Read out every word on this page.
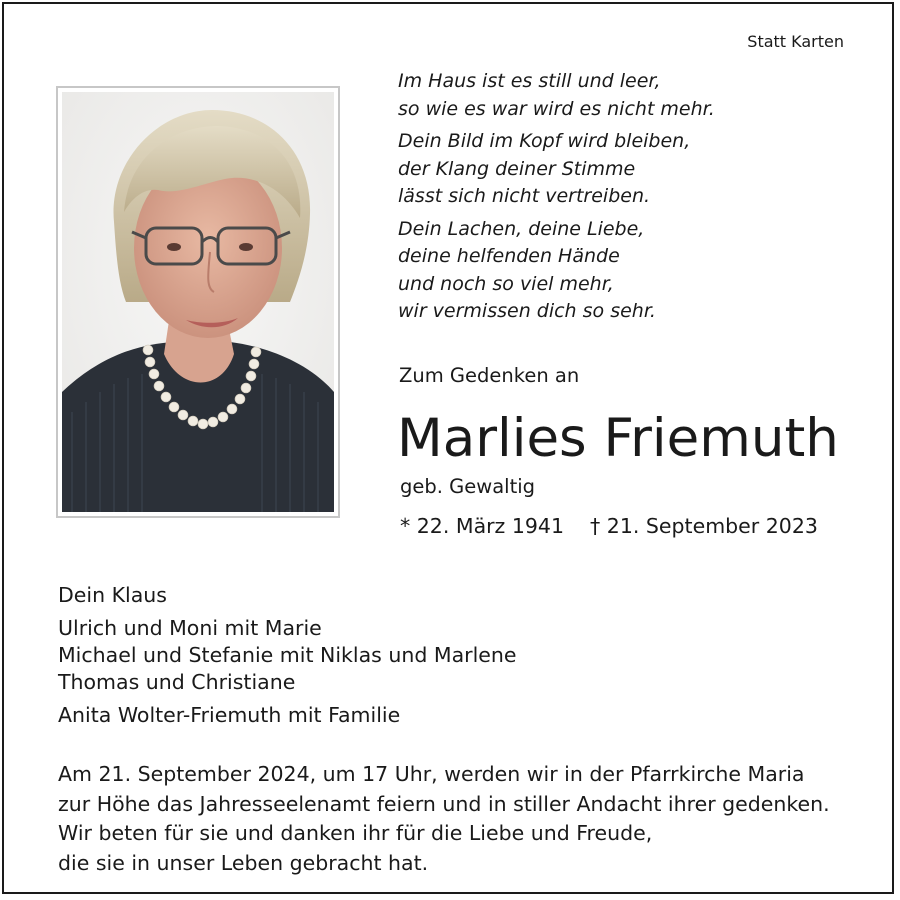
Statt Karten
Im Haus ist es still und leer,
so wie es war wird es nicht mehr.
Dein Bild im Kopf wird bleiben,
der Klang deiner Stimme
lässt sich nicht vertreiben.
Dein Lachen, deine Liebe,
deine helfenden Hände
und noch so viel mehr,
wir vermissen dich so sehr.
Zum Gedenken an
Marlies Friemuth
geb. Gewaltig
* 22. März 1941 † 21. September 2023
Dein Klaus
Ulrich und Moni mit Marie
Michael und Stefanie mit Niklas und Marlene
Thomas und Christiane
Anita Wolter-Friemuth mit Familie
Am 21. September 2024, um 17 Uhr, werden wir in der Pfarrkirche Maria
zur Höhe das Jahresseelenamt feiern und in stiller Andacht ihrer gedenken.
Wir beten für sie und danken ihr für die Liebe und Freude,
die sie in unser Leben gebracht hat.
